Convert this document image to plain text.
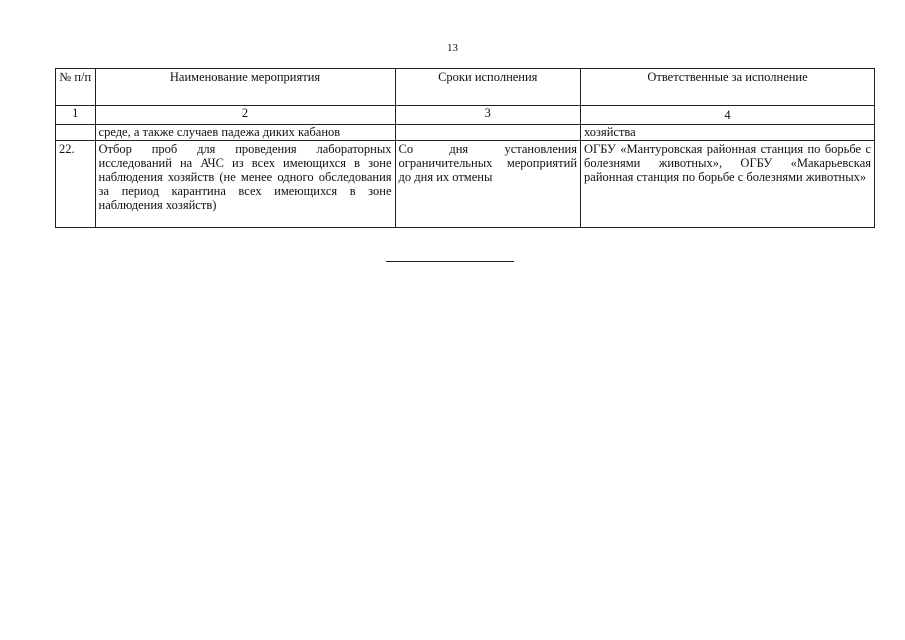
13
№ п/п	Наименование мероприятия	Сроки исполнения	Ответственные за исполнение
1	2	3	4
	среде, а также случаев падежа диких кабанов		хозяйства
22.	Отбор проб для проведения лабораторных исследований на АЧС из всех имеющихся в зоне наблюдения хозяйств (не менее одного обследования за период карантина всех имеющихся в зоне наблюдения хозяйств)	Со дня установления ограничительных мероприятий до дня их отмены	ОГБУ «Мантуровская районная станция по борьбе с болезнями животных», ОГБУ «Макарьевская районная станция по борьбе с болезнями животных»
